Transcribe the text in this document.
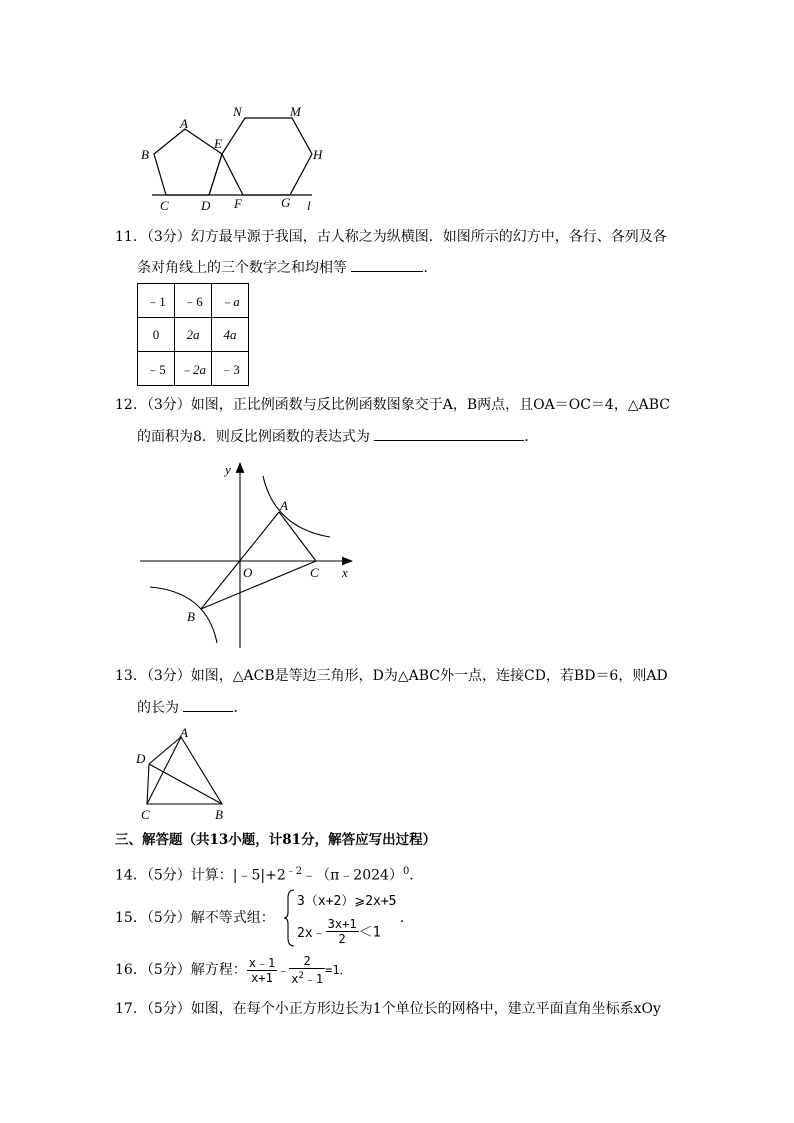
A
B
C D
E
F
N	M
H
G l
11．（3分）幻方最早源于我国，古人称之为纵横图．如图所示的幻方中，各行、各列及各
条对角线上的三个数字之和均相等	．
﹣1	﹣6	﹣a
0	2a	4a
﹣5	﹣2a	﹣3
12．（3分）如图，正比例函数与反比例函数图象交于A，B两点，且OA＝OC＝4，△ABC
的面积为8．则反比例函数的表达式为	．
y
A
O	C x
B
13．（3分）如图，△ACB是等边三角形，D为△ABC外一点，连接CD，若BD＝6，则AD
的长为	．
A
D
C	B
三、解答题（共13小题，计81分，解答应写出过程）
14．（5分）计算：$|﹣5|+2^{﹣2}﹣(\pi﹣2024)^0$．
15．（5分）解不等式组：
3（x+2）⩾2x+5
2x﹣ $\frac{3x+1}{2} <1$
．
16．（5分）解方程： $\frac{x﹣1}{x+1}$ ﹣ $\frac{2}{x^2﹣1} =1$．
17．（5分）如图，在每个小正方形边长为1个单位长的网格中，建立平面直角坐标系xOy
